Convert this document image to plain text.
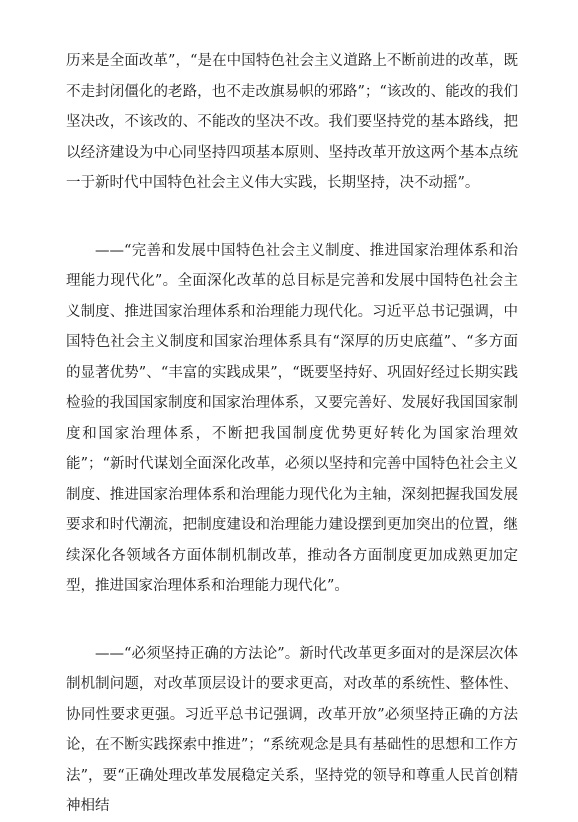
历来是全面改革”，“是在中国特色社会主义道路上不断前进的改革，既不走封闭僵化的老路，也不走改旗易帜的邪路”；“该改的、能改的我们坚决改，不该改的、不能改的坚决不改。我们要坚持党的基本路线，把以经济建设为中心同坚持四项基本原则、坚持改革开放这两个基本点统一于新时代中国特色社会主义伟大实践，长期坚持，决不动摇”。

——“完善和发展中国特色社会主义制度、推进国家治理体系和治理能力现代化”。全面深化改革的总目标是完善和发展中国特色社会主义制度、推进国家治理体系和治理能力现代化。习近平总书记强调，中国特色社会主义制度和国家治理体系具有“深厚的历史底蕴”、“多方面的显著优势”、“丰富的实践成果”，“既要坚持好、巩固好经过长期实践检验的我国国家制度和国家治理体系，又要完善好、发展好我国国家制度和国家治理体系，不断把我国制度优势更好转化为国家治理效能”；“新时代谋划全面深化改革，必须以坚持和完善中国特色社会主义制度、推进国家治理体系和治理能力现代化为主轴，深刻把握我国发展要求和时代潮流，把制度建设和治理能力建设摆到更加突出的位置，继续深化各领域各方面体制机制改革，推动各方面制度更加成熟更加定型，推进国家治理体系和治理能力现代化”。

——“必须坚持正确的方法论”。新时代改革更多面对的是深层次体制机制问题，对改革顶层设计的要求更高，对改革的系统性、整体性、协同性要求更强。习近平总书记强调，改革开放”必须坚持正确的方法论，在不断实践探索中推进”；“系统观念是具有基础性的思想和工作方法”，要“正确处理改革发展稳定关系，坚持党的领导和尊重人民首创精神相结
